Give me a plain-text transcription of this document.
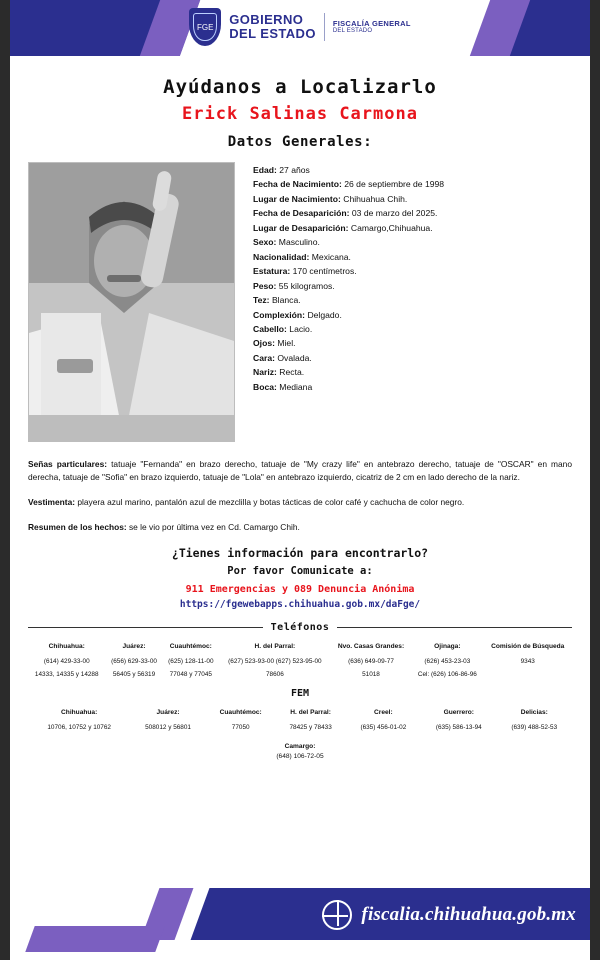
FGE GOBIERNO
DEL ESTADO
FISCALÍA GENERAL
DEL ESTADO
Ayúdanos a Localizarlo
Erick Salinas Carmona
Datos Generales:
Edad: 27 años
Fecha de Nacimiento: 26 de septiembre de 1998
Lugar de Nacimiento: Chihuahua Chih.
Fecha de Desaparición: 03 de marzo del 2025.
Lugar de Desaparición: Camargo,Chihuahua.
Sexo: Masculino.
Nacionalidad: Mexicana.
Estatura: 170 centímetros.
Peso: 55 kilogramos.
Tez: Blanca.
Complexión: Delgado.
Cabello: Lacio.
Ojos: Miel.
Cara: Ovalada.
Nariz: Recta.
Boca: Mediana

Señas particulares: tatuaje "Fernanda" en brazo derecho, tatuaje de "My crazy life" en antebrazo derecho, tatuaje de "OSCAR" en mano derecha, tatuaje de "Sofia" en brazo izquierdo, tatuaje de "Lola" en antebrazo izquierdo, cicatriz de 2 cm en lado derecho de la nariz.

Vestimenta: playera azul marino, pantalón azul de mezclilla y botas tácticas de color café y cachucha de color negro.

Resumen de los hechos: se le vio por última vez en Cd. Camargo Chih.

¿Tienes información para encontrarlo?
Por favor Comunicate a:
911 Emergencias y 089 Denuncia Anónima
https://fgewebapps.chihuahua.gob.mx/daFge/
Teléfonos
Chihuahua:	Juárez:	Cuauhtémoc:	H. del Parral:	Nvo. Casas Grandes:	Ojinaga:	Comisión de Búsqueda
(614) 429-33-00	(656) 629-33-00	(625) 128-11-00	(627) 523-93-00 (627) 523-95-00	(636) 649-09-77	(626) 453-23-03	9343
14333, 14335 y 14288	56405 y 56319	77048 y 77045	78606	51018	Cel: (626) 106-86-96	
FEM
Chihuahua:	Juárez:	Cuauhtémoc:	H. del Parral:	Creel:	Guerrero:	Delicias:
10706, 10752 y 10762	508012 y 56801	77050	78425 y 78433	(635) 456-01-02	(635) 586-13-94	(639) 488-52-53
Camargo:
(648) 106-72-05
fiscalia.chihuahua.gob.mx
